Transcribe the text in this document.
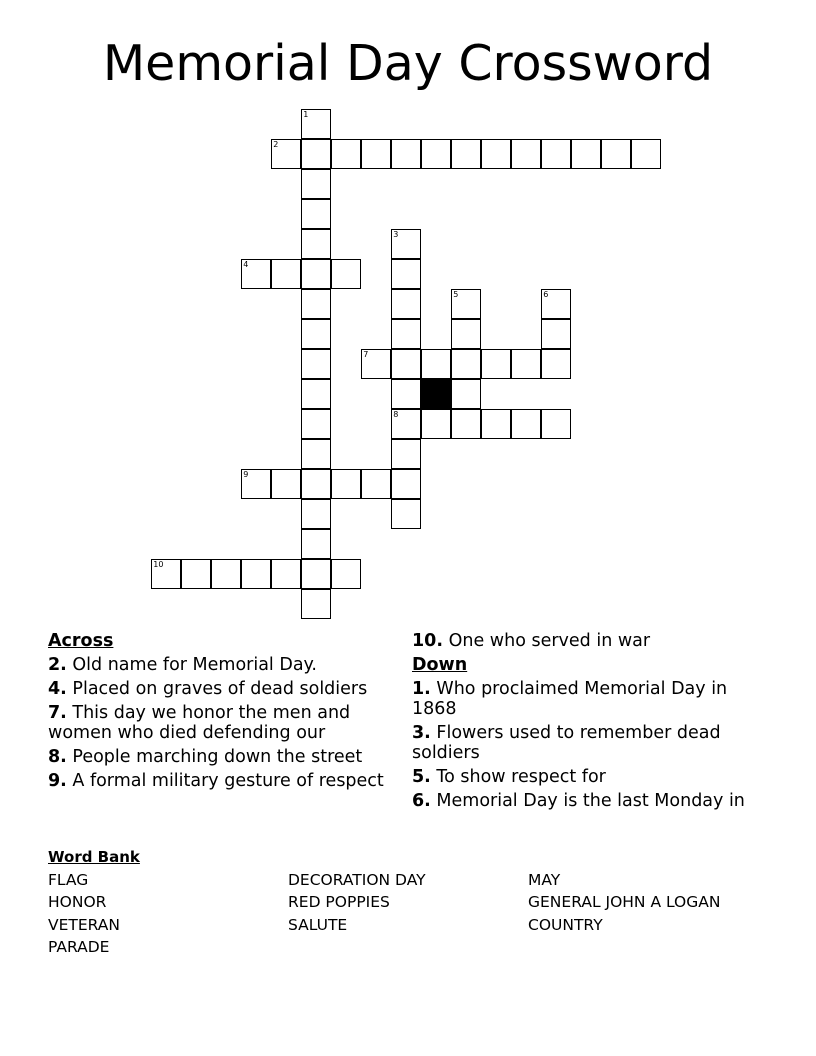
Memorial Day Crossword
1
2
3
4
5	6
7
8
9
10
Across
2. Old name for Memorial Day.
4. Placed on graves of dead soldiers
7. This day we honor the men and women who died defending our
8. People marching down the street
9. A formal military gesture of respect
10. One who served in war
Down
1. Who proclaimed Memorial Day in 1868
3. Flowers used to remember dead soldiers
5. To show respect for
6. Memorial Day is the last Monday in
Word Bank
FLAG
HONOR
VETERAN
PARADE
DECORATION DAY
RED POPPIES
SALUTE
MAY
GENERAL JOHN A LOGAN
COUNTRY
